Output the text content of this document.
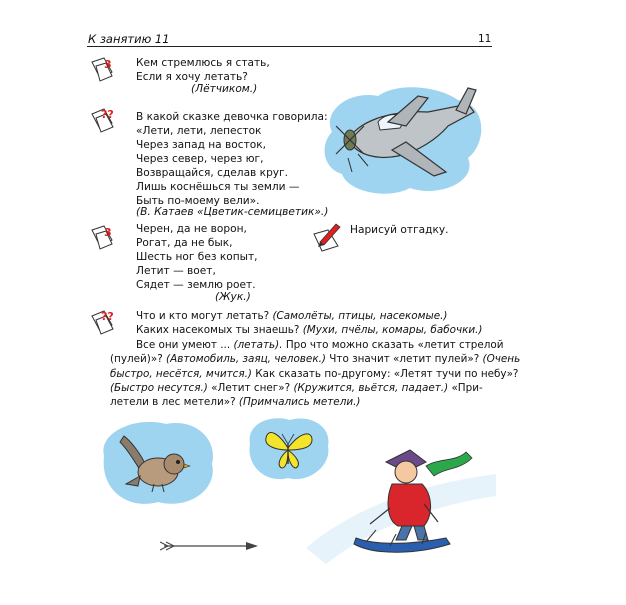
К занятию 11	11
3 Кем стремлюсь я стать,
Если я хочу летать?
(Лётчиком.)
?? В какой сказке девочка говорила:
«Лети, лети, лепесток
Через запад на восток,
Через север, через юг,
Возвращайся, сделав круг.
Лишь коснёшься ты земли —
Быть по-моему вели».
(В. Катаев «Цветик-семицветик».)
3 Черен, да не ворон,
Рогат, да не бык,
Шесть ног без копыт,
Летит — воет,
Сядет — землю роет.
(Жук.)
Нарисуй отгадку.
??	Что и кто могут летать? (Самолёты, птицы, насекомые.)
Каких насекомых ты знаешь? (Мухи, пчёлы, комары, бабочки.)
Все они умеют ... (летать). Про что можно сказать «летит стрелой
(пулей)»? (Автомобиль, заяц, человек.) Что значит «летит пулей»? (Очень
быстро, несётся, мчится.) Как сказать по-другому: «Летят тучи по небу»?
(Быстро несутся.) «Летит снег»? (Кружится, вьётся, падает.) «При-
летели в лес метели»? (Примчались метели.)
